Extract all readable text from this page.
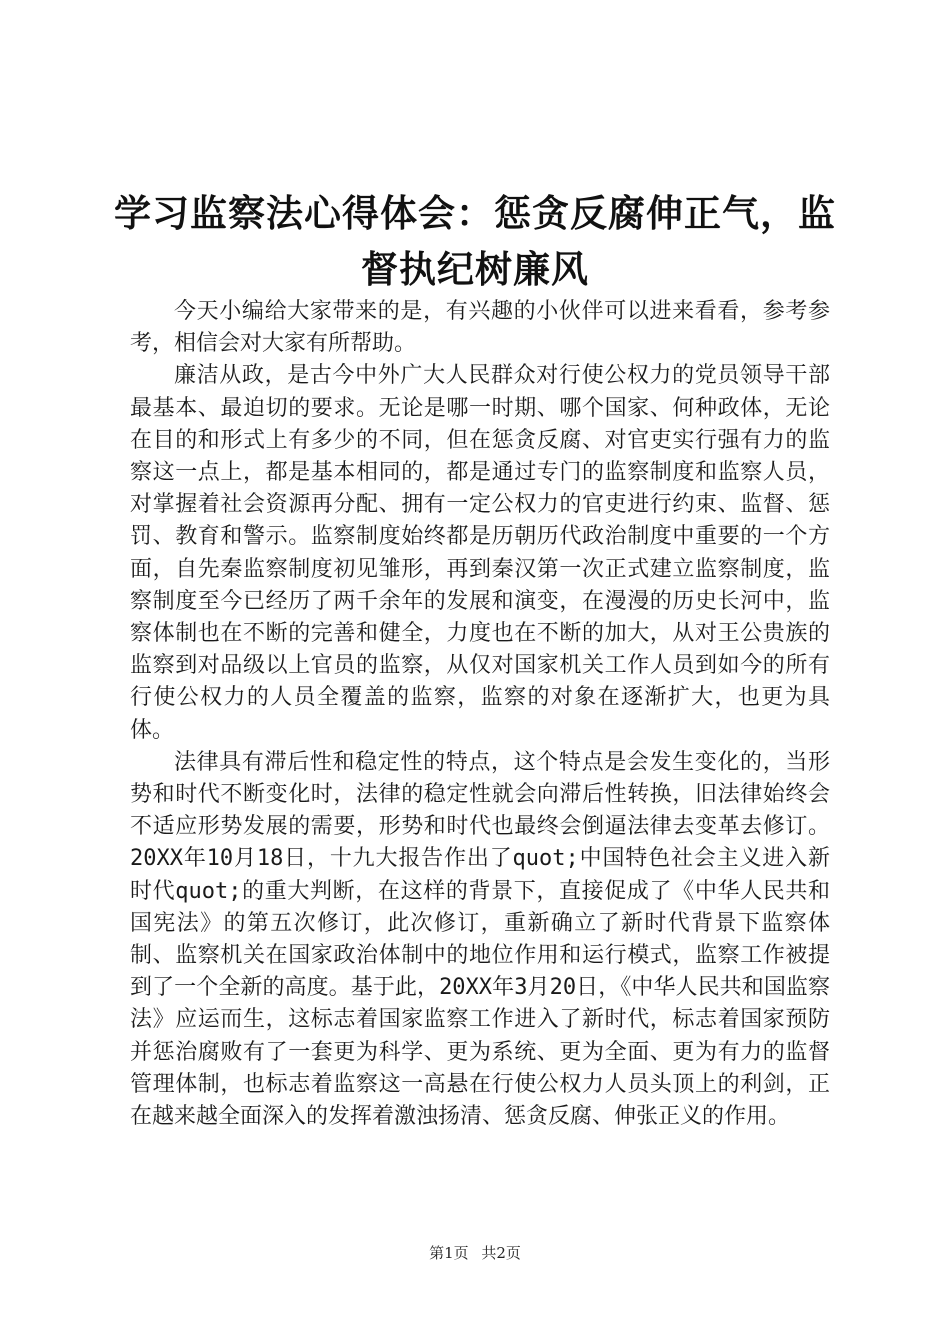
学习监察法心得体会：惩贪反腐伸正气，监督执纪树廉风

今天小编给大家带来的是，有兴趣的小伙伴可以进来看看，参考参考，相信会对大家有所帮助。

廉洁从政，是古今中外广大人民群众对行使公权力的党员领导干部最基本、最迫切的要求。无论是哪一时期、哪个国家、何种政体，无论在目的和形式上有多少的不同，但在惩贪反腐、对官吏实行强有力的监察这一点上，都是基本相同的，都是通过专门的监察制度和监察人员，对掌握着社会资源再分配、拥有一定公权力的官吏进行约束、监督、惩罚、教育和警示。监察制度始终都是历朝历代政治制度中重要的一个方面，自先秦监察制度初见雏形，再到秦汉第一次正式建立监察制度，监察制度至今已经历了两千余年的发展和演变，在漫漫的历史长河中，监察体制也在不断的完善和健全，力度也在不断的加大，从对王公贵族的监察到对品级以上官员的监察，从仅对国家机关工作人员到如今的所有行使公权力的人员全覆盖的监察，监察的对象在逐渐扩大，也更为具体。

法律具有滞后性和稳定性的特点，这个特点是会发生变化的，当形势和时代不断变化时，法律的稳定性就会向滞后性转换，旧法律始终会不适应形势发展的需要，形势和时代也最终会倒逼法律去变革去修订。20XX年10月18日，十九大报告作出了quot;中国特色社会主义进入新时代quot;的重大判断，在这样的背景下，直接促成了《中华人民共和国宪法》的第五次修订，此次修订，重新确立了新时代背景下监察体制、监察机关在国家政治体制中的地位作用和运行模式，监察工作被提到了一个全新的高度。基于此，20XX年3月20日，《中华人民共和国监察法》应运而生，这标志着国家监察工作进入了新时代，标志着国家预防并惩治腐败有了一套更为科学、更为系统、更为全面、更为有力的监督管理体制，也标志着监察这一高悬在行使公权力人员头顶上的利剑，正在越来越全面深入的发挥着激浊扬清、惩贪反腐、伸张正义的作用。

第1页 共2页
